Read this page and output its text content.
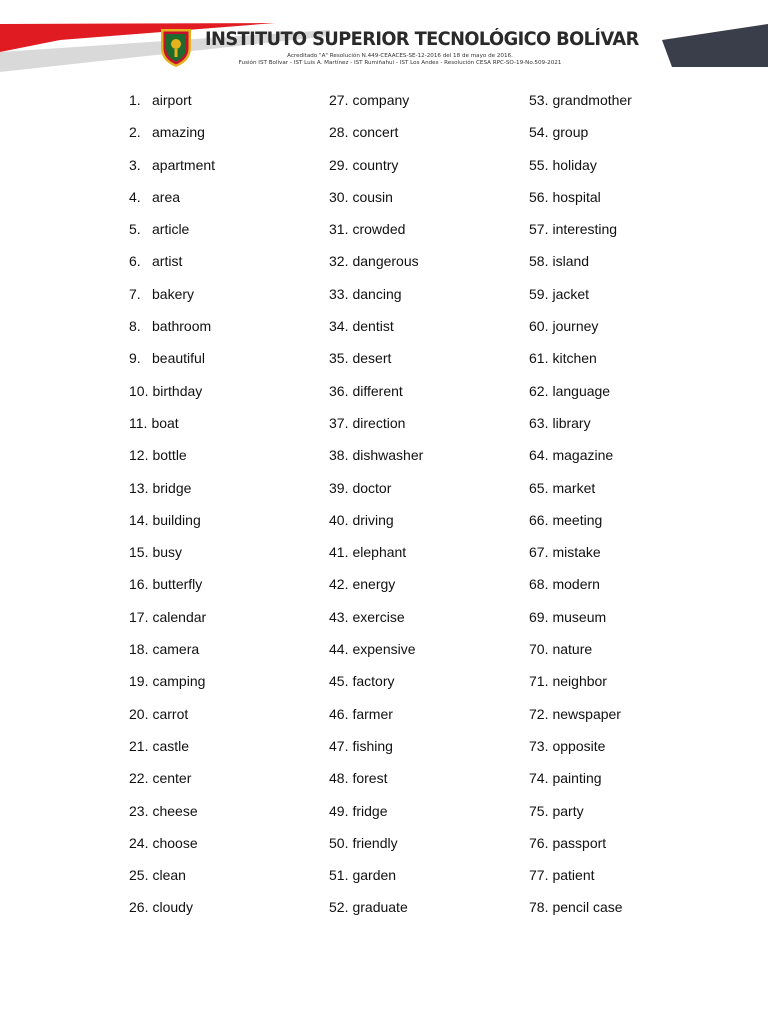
INSTITUTO SUPERIOR TECNOLÓGICO BOLÍVAR
Acreditado "A" Resolución N.449-CEAACES-SE-12-2016 del 18 de mayo de 2016.
Fusión IST Bolívar - IST Luis A. Martínez - IST Rumiñahui - IST Los Andes - Resolución CESA RPC-SO-19-No.509-2021
1. airport
2. amazing
3. apartment
4. area
5. article
6. artist
7. bakery
8. bathroom
9. beautiful
10. birthday
11. boat
12. bottle
13. bridge
14. building
15. busy
16. butterfly
17. calendar
18. camera
19. camping
20. carrot
21. castle
22. center
23. cheese
24. choose
25. clean
26. cloudy
27. company
28. concert
29. country
30. cousin
31. crowded
32. dangerous
33. dancing
34. dentist
35. desert
36. different
37. direction
38. dishwasher
39. doctor
40. driving
41. elephant
42. energy
43. exercise
44. expensive
45. factory
46. farmer
47. fishing
48. forest
49. fridge
50. friendly
51. garden
52. graduate
53. grandmother
54. group
55. holiday
56. hospital
57. interesting
58. island
59. jacket
60. journey
61. kitchen
62. language
63. library
64. magazine
65. market
66. meeting
67. mistake
68. modern
69. museum
70. nature
71. neighbor
72. newspaper
73. opposite
74. painting
75. party
76. passport
77. patient
78. pencil case
